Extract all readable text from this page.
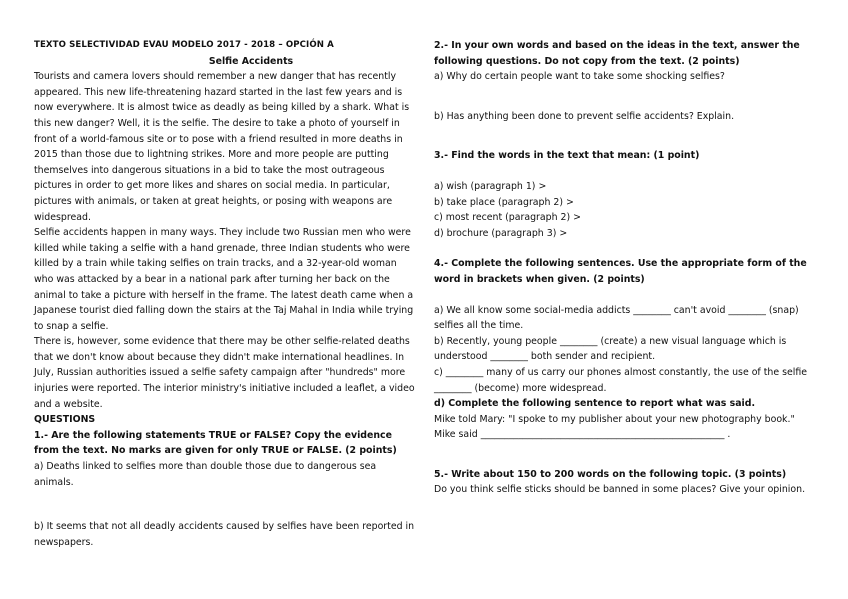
TEXTO SELECTIVIDAD EVAU MODELO 2017 - 2018 – OPCIÓN A

Selfie Accidents

Tourists and camera lovers should remember a new danger that has recently appeared. This new life-threatening hazard started in the last few years and is now everywhere. It is almost twice as deadly as being killed by a shark. What is this new danger? Well, it is the selfie. The desire to take a photo of yourself in front of a world-famous site or to pose with a friend resulted in more deaths in 2015 than those due to lightning strikes. More and more people are putting themselves into dangerous situations in a bid to take the most outrageous pictures in order to get more likes and shares on social media. In particular, pictures with animals, or taken at great heights, or posing with weapons are widespread.

Selfie accidents happen in many ways. They include two Russian men who were killed while taking a selfie with a hand grenade, three Indian students who were killed by a train while taking selfies on train tracks, and a 32-year-old woman who was attacked by a bear in a national park after turning her back on the animal to take a picture with herself in the frame. The latest death came when a Japanese tourist died falling down the stairs at the Taj Mahal in India while trying to snap a selfie.

There is, however, some evidence that there may be other selfie-related deaths that we don't know about because they didn't make international headlines. In July, Russian authorities issued a selfie safety campaign after "hundreds" more injuries were reported. The interior ministry's initiative included a leaflet, a video and a website.

QUESTIONS

1.- Are the following statements TRUE or FALSE? Copy the evidence from the text. No marks are given for only TRUE or FALSE. (2 points)

a) Deaths linked to selfies more than double those due to dangerous sea animals.

b) It seems that not all deadly accidents caused by selfies have been reported in newspapers.

2.- In your own words and based on the ideas in the text, answer the following questions. Do not copy from the text. (2 points)

a) Why do certain people want to take some shocking selfies?

b) Has anything been done to prevent selfie accidents? Explain.

3.- Find the words in the text that mean: (1 point)

a) wish (paragraph 1) >

b) take place (paragraph 2) >

c) most recent (paragraph 2) >

d) brochure (paragraph 3) >

4.- Complete the following sentences. Use the appropriate form of the word in brackets when given. (2 points)

a) We all know some social-media addicts ________ can't avoid ________ (snap) selfies all the time.

b) Recently, young people ________ (create) a new visual language which is understood ________ both sender and recipient.

c) ________ many of us carry our phones almost constantly, the use of the selfie ________ (become) more widespread.

d) Complete the following sentence to report what was said.

Mike told Mary: "I spoke to my publisher about your new photography book."

Mike said ____________________________________________________ .

5.- Write about 150 to 200 words on the following topic. (3 points)

Do you think selfie sticks should be banned in some places? Give your opinion.
